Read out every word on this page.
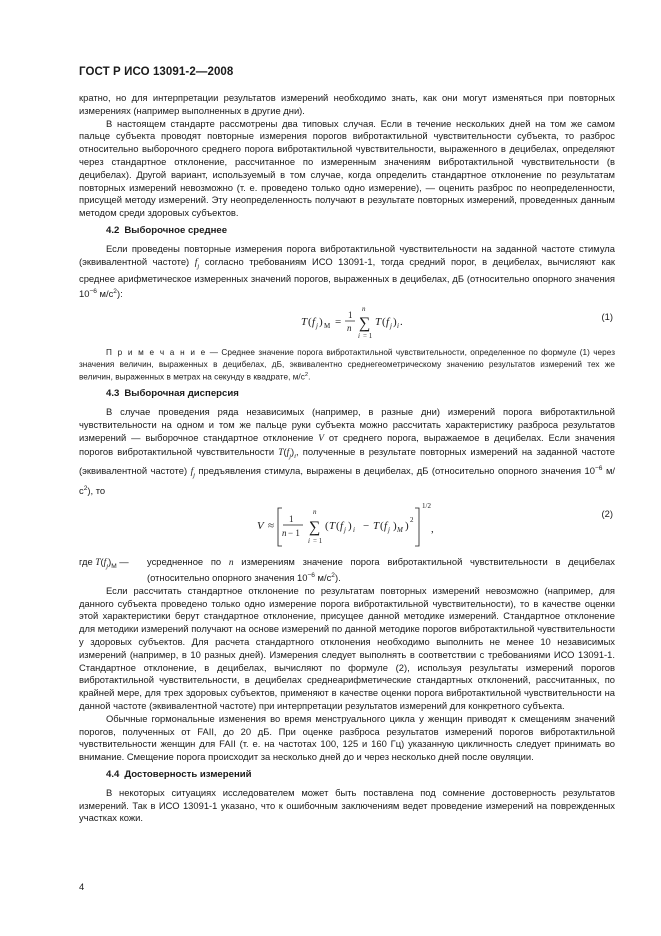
ГОСТ Р ИСО 13091-2—2008

кратно, но для интерпретации результатов измерений необходимо знать, как они могут изменяться при повторных измерениях (например выполненных в другие дни).

В настоящем стандарте рассмотрены два типовых случая. Если в течение нескольких дней на том же самом пальце субъекта проводят повторные измерения порогов вибротактильной чувствительности субъекта, то разброс относительно выборочного среднего порога вибротактильной чувствительности, выраженного в децибелах, определяют через стандартное отклонение, рассчитанное по измеренным значениям вибротактильной чувствительности (в децибелах). Другой вариант, используемый в том случае, когда определить стандартное отклонение по результатам повторных измерений невозможно (т. е. проведено только одно измерение), — оценить разброс по неопределенности, присущей методу измерений. Эту неопределенность получают в результате повторных измерений, проведенных данным методом среди здоровых субъектов.

4.2 Выборочное среднее

Если проведены повторные измерения порога вибротактильной чувствительности на заданной частоте стимула (эквивалентной частоте) $f_j$ согласно требованиям ИСО 13091-1, тогда средний порог, в децибелах, вычисляют как среднее арифметическое измеренных значений порогов, выраженных в децибелах, дБ (относительно опорного значения $10^{-6}$ $м/с^2$):

T ( f j ) M =
1
n
n
∑
i = 1
T ( f j ) i .	(1)

П р и м е ч а н и е — Среднее значение порога вибротактильной чувствительности, определенное по формуле (1) через значения величин, выраженных в децибелах, дБ, эквивалентно среднегеометрическому значению результатов измерений тех же величин, выраженных в метрах на секунду в квадрате, $м/с^2$.

4.3 Выборочная дисперсия

В случае проведения ряда независимых (например, в разные дни) измерений порога вибротактильной чувствительности на одном и том же пальце руки субъекта можно рассчитать характеристику разброса результатов измерений — выборочное стандартное отклонение V от среднего порога, выражаемое в децибелах. Если значения порогов вибротактильной чувствительности $T(f_j)_i$, полученные в результате повторных измерений на заданной частоте (эквивалентной частоте) $f_j$ предъявления стимула, выражены в децибелах, дБ (относительно опорного значения $10^{-6}$ $м/с^2$), то

V ≈
1
n − 1
n
∑
i = 1
( T ( f j ) i − T ( f j ) M ) 2
1/2
,
(2)
где $T(f_j)_M$ —	усредненное по n измерениям значение порога вибротактильной чувствительности в децибелах (относительно опорного значения $10^{-6}$ $м/с^2$).

Если рассчитать стандартное отклонение по результатам повторных измерений невозможно (например, для данного субъекта проведено только одно измерение порога вибротактильной чувствительности), то в качестве оценки этой характеристики берут стандартное отклонение, присущее данной методике измерений. Стандартное отклонение для методики измерений получают на основе измерений по данной методике порогов вибротактильной чувствительности у здоровых субъектов. Для расчета стандартного отклонения необходимо выполнить не менее 10 независимых измерений (например, в 10 разных дней). Измерения следует выполнять в соответствии с требованиями ИСО 13091-1. Стандартное отклонение, в децибелах, вычисляют по формуле (2), используя результаты измерений порогов вибротактильной чувствительности, в децибелах среднеарифметические стандартных отклонений, рассчитанных, по крайней мере, для трех здоровых субъектов, применяют в качестве оценки порога вибротактильной чувствительности на данной частоте (эквивалентной частоте) при интерпретации результатов измерений для конкретного субъекта.

Обычные гормональные изменения во время менструального цикла у женщин приводят к смещениям значений порогов, полученных от FAII, до 20 дБ. При оценке разброса результатов измерений порогов вибротактильной чувствительности женщин для FAII (т. е. на частотах 100, 125 и 160 Гц) указанную цикличность следует принимать во внимание. Смещение порога происходит за несколько дней до и через несколько дней после овуляции.

4.4 Достоверность измерений

В некоторых ситуациях исследователем может быть поставлена под сомнение достоверность результатов измерений. Так в ИСО 13091-1 указано, что к ошибочным заключениям ведет проведение измерений на поврежденных участках кожи.

4
